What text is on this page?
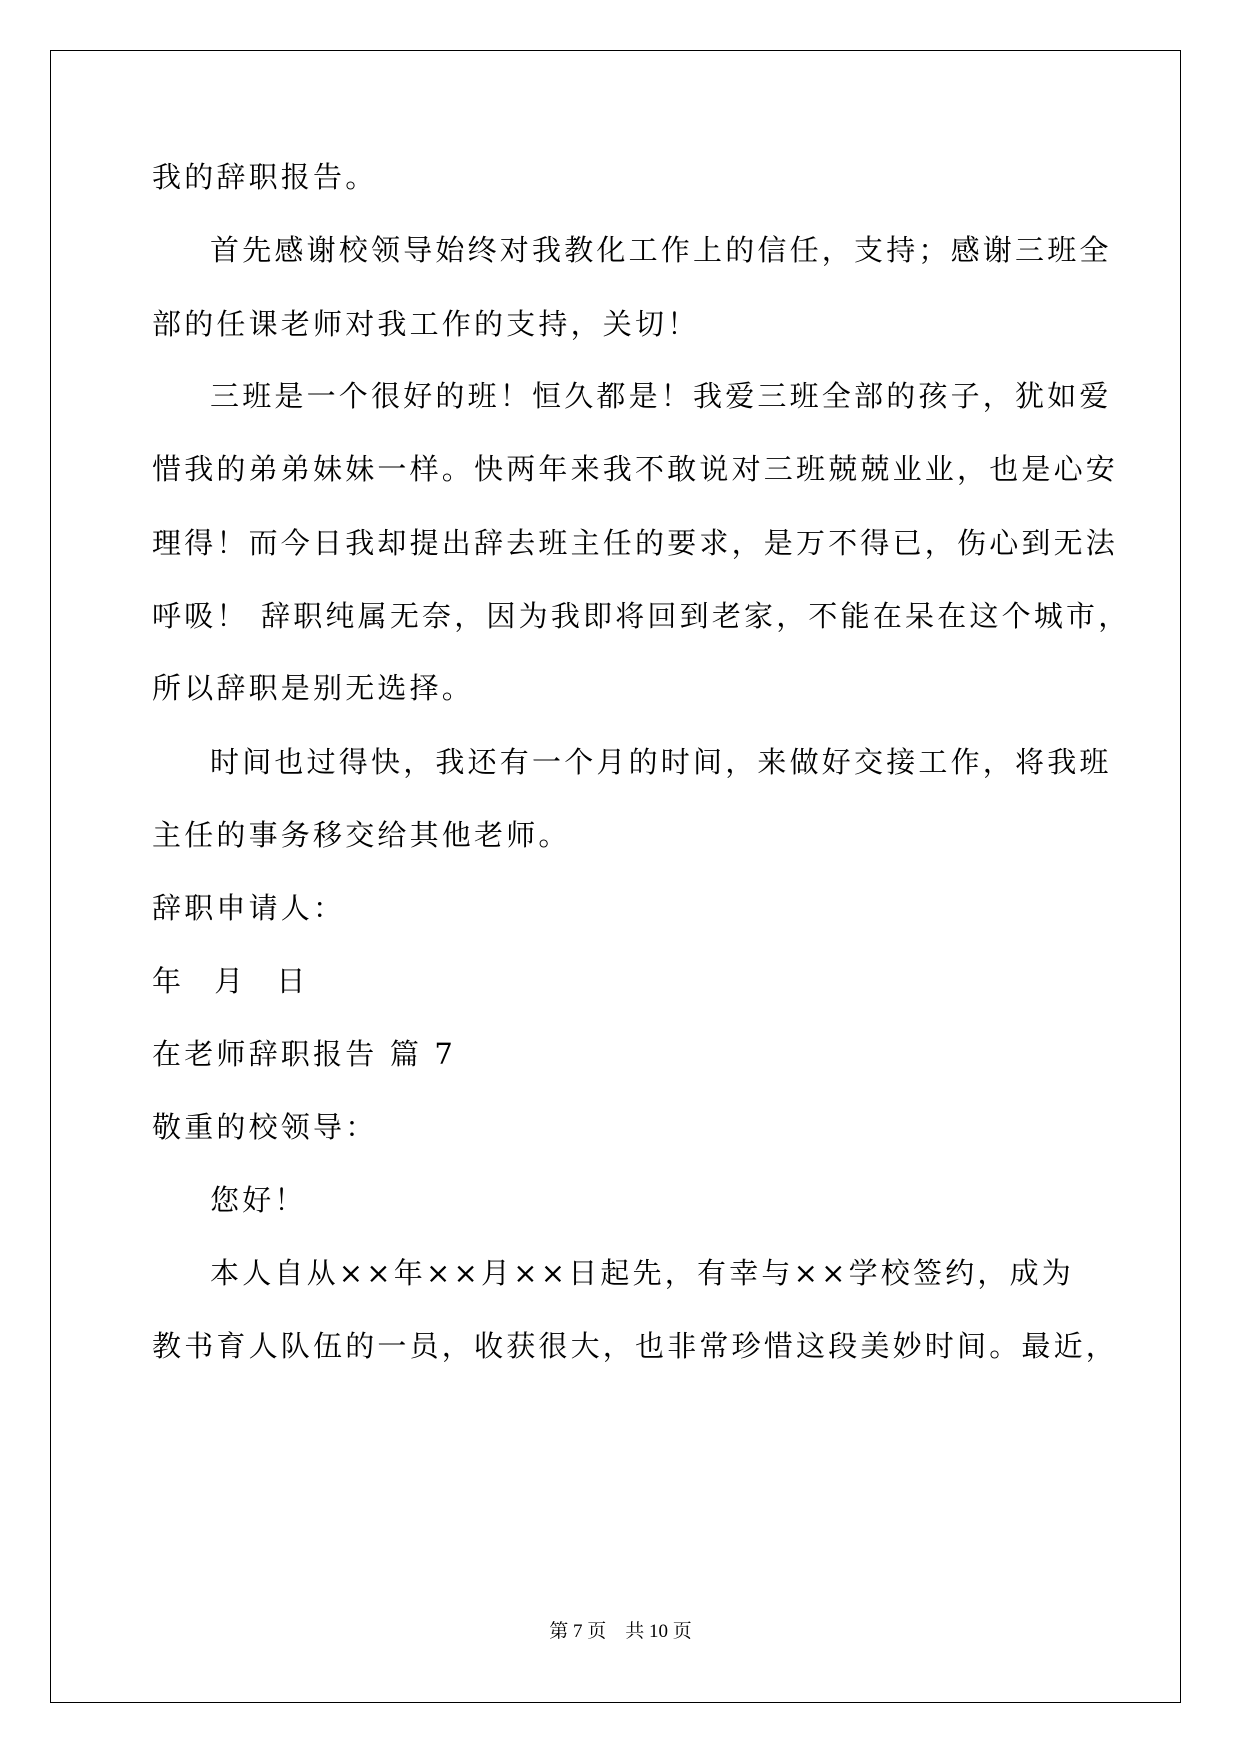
我的辞职报告。
首先感谢校领导始终对我教化工作上的信任，支持；感谢三班全
部的任课老师对我工作的支持，关切！
三班是一个很好的班！恒久都是！我爱三班全部的孩子，犹如爱
惜我的弟弟妹妹一样。快两年来我不敢说对三班兢兢业业，也是心安
理得！而今日我却提出辞去班主任的要求，是万不得已，伤心到无法
呼吸！ 辞职纯属无奈，因为我即将回到老家，不能在呆在这个城市，
所以辞职是别无选择。
时间也过得快，我还有一个月的时间，来做好交接工作，将我班
主任的事务移交给其他老师。
辞职申请人：
年 月 日
在老师辞职报告 篇 7
敬重的校领导：
您好！
本人自从××年××月××日起先，有幸与××学校签约，成为
教书育人队伍的一员，收获很大，也非常珍惜这段美妙时间。最近，
第 7 页　共 10 页
